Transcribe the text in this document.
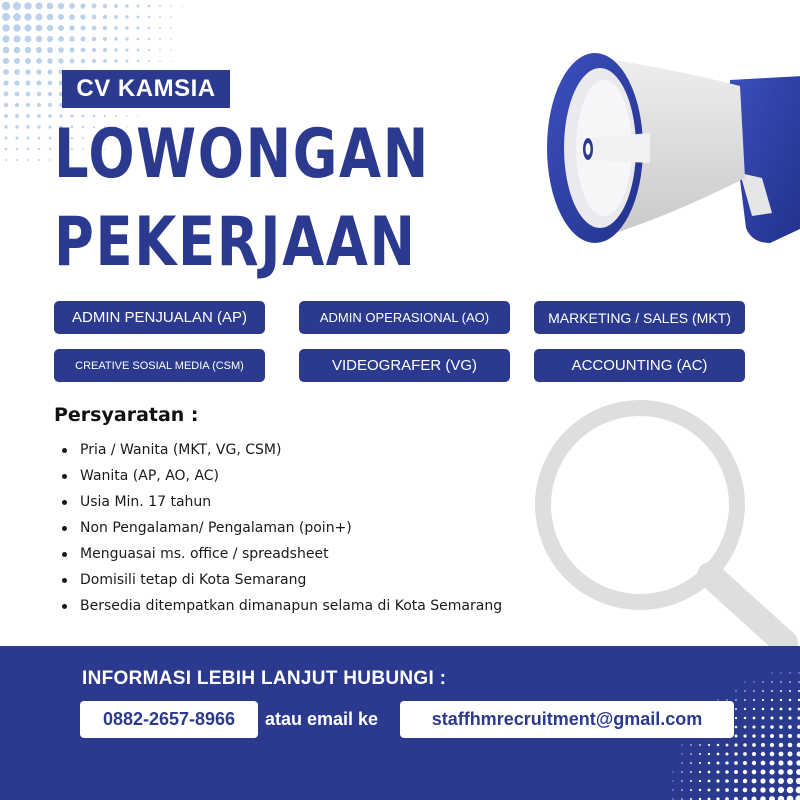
CV KAMSIA
LOWONGAN
PEKERJAAN
ADMIN PENJUALAN (AP)	ADMIN OPERASIONAL (AO)	MARKETING / SALES (MKT)
CREATIVE SOSIAL MEDIA (CSM)	VIDEOGRAFER (VG)	ACCOUNTING (AC)
Persyaratan :
Pria / Wanita (MKT, VG, CSM)
Wanita (AP, AO, AC)
Usia Min. 17 tahun
Non Pengalaman/ Pengalaman (poin+)
Menguasai ms. office / spreadsheet
Domisili tetap di Kota Semarang
Bersedia ditempatkan dimanapun selama di Kota Semarang
INFORMASI LEBIH LANJUT HUBUNGI :
0882-2657-8966	atau email ke	staffhmrecruitment@gmail.com
